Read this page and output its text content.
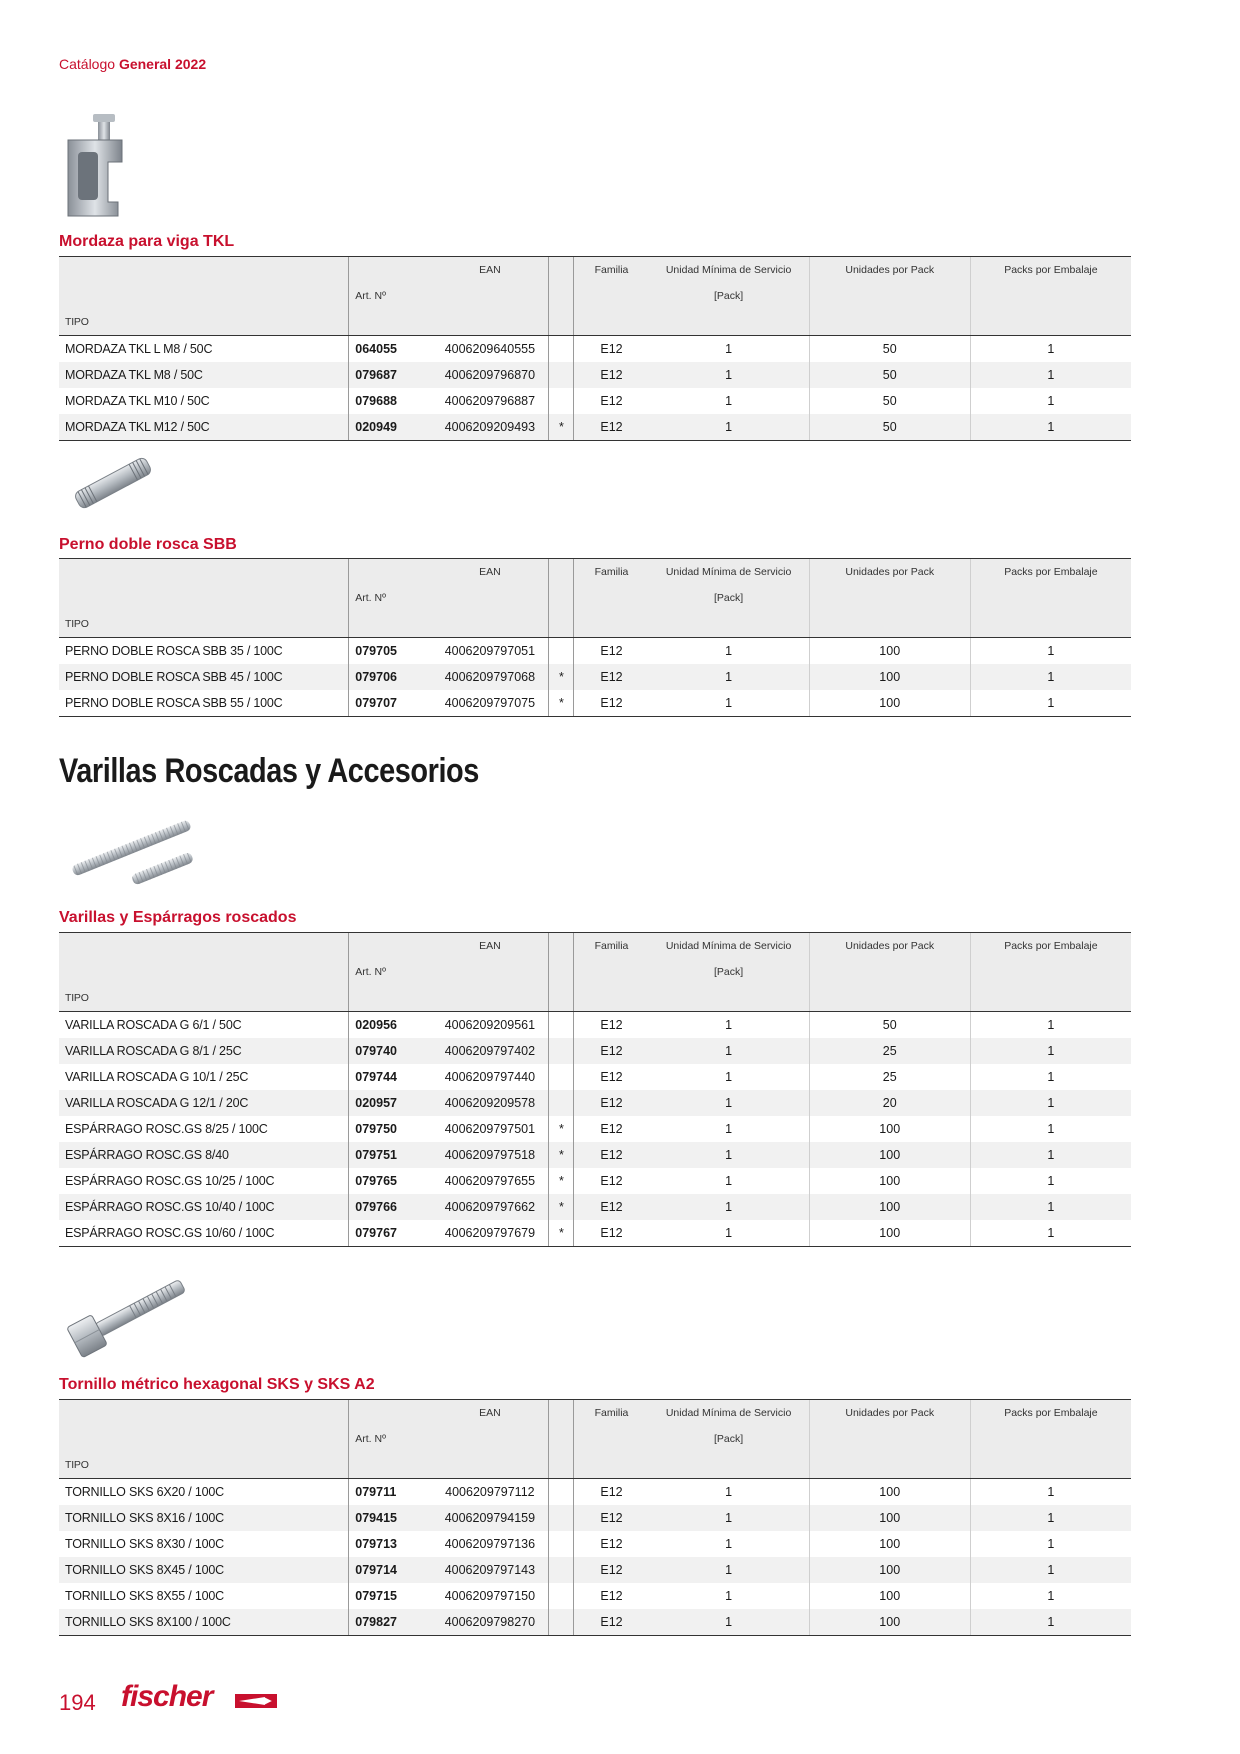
Catálogo General 2022
Mordaza para viga TKL
		EAN		Familia	Unidad Mínima de Servicio	Unidades por Pack	Packs por Embalaje
	Art. Nº				[Pack]		
TIPO							
MORDAZA TKL L M8 / 50C	064055	4006209640555		E12	1	50	1
MORDAZA TKL M8 / 50C	079687	4006209796870		E12	1	50	1
MORDAZA TKL M10 / 50C	079688	4006209796887		E12	1	50	1
MORDAZA TKL M12 / 50C	020949	4006209209493	*	E12	1	50	1
Perno doble rosca SBB
		EAN		Familia	Unidad Mínima de Servicio	Unidades por Pack	Packs por Embalaje
	Art. Nº				[Pack]		
TIPO							
PERNO DOBLE ROSCA SBB 35 / 100C	079705	4006209797051		E12	1	100	1
PERNO DOBLE ROSCA SBB 45 / 100C	079706	4006209797068	*	E12	1	100	1
PERNO DOBLE ROSCA SBB 55 / 100C	079707	4006209797075	*	E12	1	100	1
Varillas Roscadas y Accesorios
Varillas y Espárragos roscados
		EAN		Familia	Unidad Mínima de Servicio	Unidades por Pack	Packs por Embalaje
	Art. Nº				[Pack]		
TIPO							
VARILLA ROSCADA G 6/1 / 50C	020956	4006209209561		E12	1	50	1
VARILLA ROSCADA G 8/1 / 25C	079740	4006209797402		E12	1	25	1
VARILLA ROSCADA G 10/1 / 25C	079744	4006209797440		E12	1	25	1
VARILLA ROSCADA G 12/1 / 20C	020957	4006209209578		E12	1	20	1
ESPÁRRAGO ROSC.GS 8/25 / 100C	079750	4006209797501	*	E12	1	100	1
ESPÁRRAGO ROSC.GS 8/40	079751	4006209797518	*	E12	1	100	1
ESPÁRRAGO ROSC.GS 10/25 / 100C	079765	4006209797655	*	E12	1	100	1
ESPÁRRAGO ROSC.GS 10/40 / 100C	079766	4006209797662	*	E12	1	100	1
ESPÁRRAGO ROSC.GS 10/60 / 100C	079767	4006209797679	*	E12	1	100	1
Tornillo métrico hexagonal SKS y SKS A2
		EAN		Familia	Unidad Mínima de Servicio	Unidades por Pack	Packs por Embalaje
	Art. Nº				[Pack]		
TIPO							
TORNILLO SKS 6X20 / 100C	079711	4006209797112		E12	1	100	1
TORNILLO SKS 8X16 / 100C	079415	4006209794159		E12	1	100	1
TORNILLO SKS 8X30 / 100C	079713	4006209797136		E12	1	100	1
TORNILLO SKS 8X45 / 100C	079714	4006209797143		E12	1	100	1
TORNILLO SKS 8X55 / 100C	079715	4006209797150		E12	1	100	1
TORNILLO SKS 8X100 / 100C	079827	4006209798270		E12	1	100	1
194 fischer
